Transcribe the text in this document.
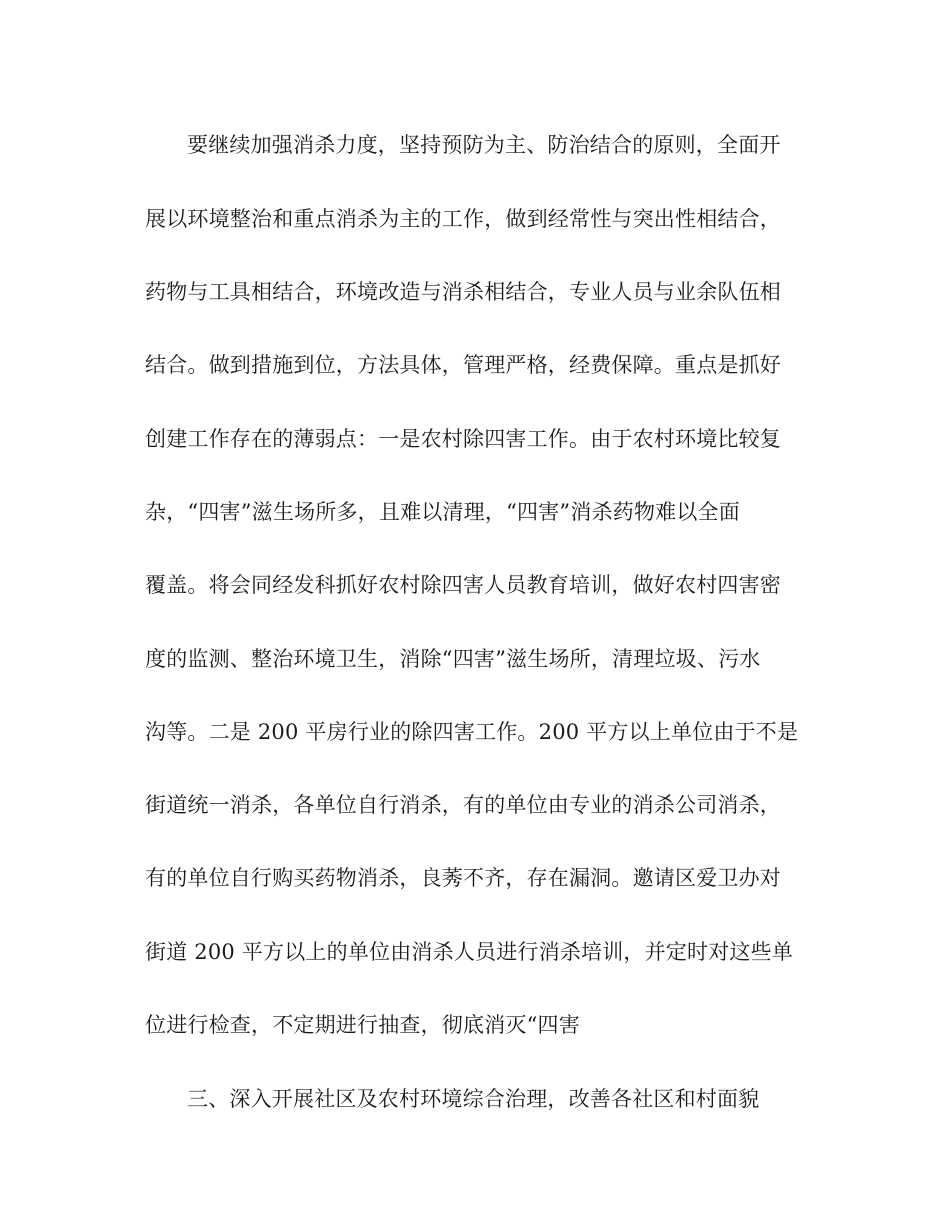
要继续加强消杀力度，坚持预防为主、防治结合的原则，全面开
展以环境整治和重点消杀为主的工作，做到经常性与突出性相结合，
药物与工具相结合，环境改造与消杀相结合，专业人员与业余队伍相
结合。做到措施到位，方法具体，管理严格，经费保障。重点是抓好
创建工作存在的薄弱点：一是农村除四害工作。由于农村环境比较复
杂，“四害”滋生场所多，且难以清理，“四害”消杀药物难以全面
覆盖。将会同经发科抓好农村除四害人员教育培训，做好农村四害密
度的监测、整治环境卫生，消除“四害”滋生场所，清理垃圾、污水
沟等。二是 200 平房行业的除四害工作。200 平方以上单位由于不是
街道统一消杀，各单位自行消杀，有的单位由专业的消杀公司消杀，
有的单位自行购买药物消杀，良莠不齐，存在漏洞。邀请区爱卫办对
街道 200 平方以上的单位由消杀人员进行消杀培训，并定时对这些单
位进行检查，不定期进行抽查，彻底消灭“四害
三、深入开展社区及农村环境综合治理，改善各社区和村面貌
